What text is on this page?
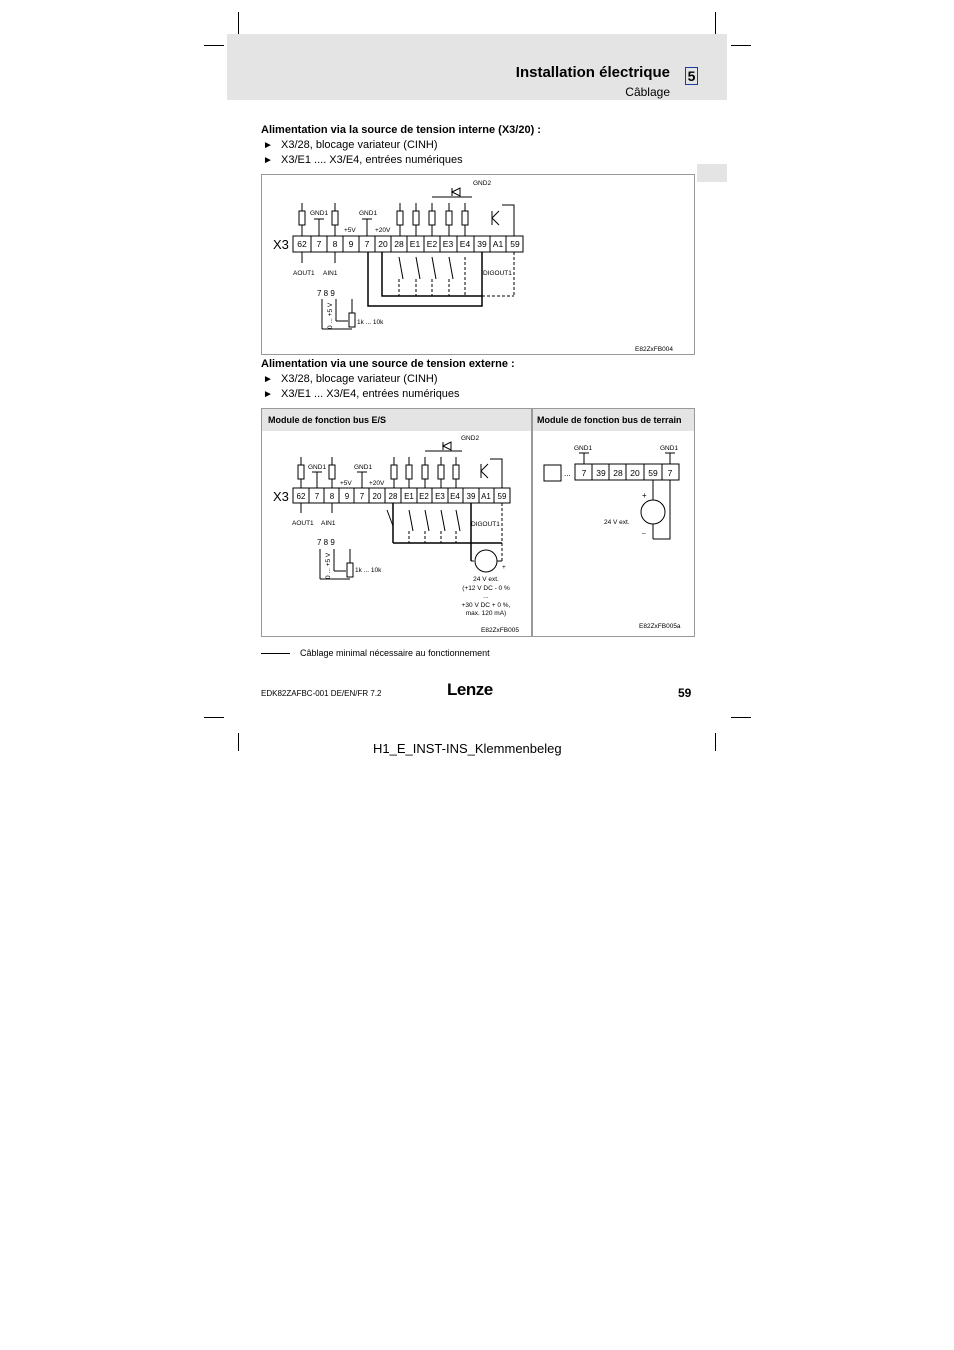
Installation électrique
Câblage
5
Alimentation via la source de tension interne (X3/20) :
► X3/28, blocage variateur (CINH)
► X3/E1 .... X3/E4, entrées numériques
X3 62 7 8 9 7 20 28 E1 E2 E3 E4 39 A1 59
GND1	GND1
GND2
+5V	+20V
AOUT1 AIN1	DIGOUT1
1k ... 10k
E82ZxFB004
7 8 9
0 ... +5 V
Alimentation via une source de tension externe :
► X3/28, blocage variateur (CINH)
► X3/E1 ... X3/E4, entrées numériques
Module de fonction bus E/S
X3 62 7 8 9 7 20 28 E1 E2 E3 E4 39 A1 59
GND1	GND1
GND2
+5V	+20V
AOUT1 AIN1	DIGOUT1
1k ... 10k	+
24 V ext.
(+12 V DC - 0 %
...
+30 V DC + 0 %,
max. 120 mA)
E82ZxFB005
7 8 9
0 ... +5 V
Module de fonction bus de terrain
GND1	GND1
24 V ext.
–
E82ZxFB005a
+
... 7 39 28 20 59 7
Câblage minimal nécessaire au fonctionnement
EDK82ZAFBC-001 DE/EN/FR 7.2	Lenze	59
H1_E_INST-INS_Klemmenbeleg
